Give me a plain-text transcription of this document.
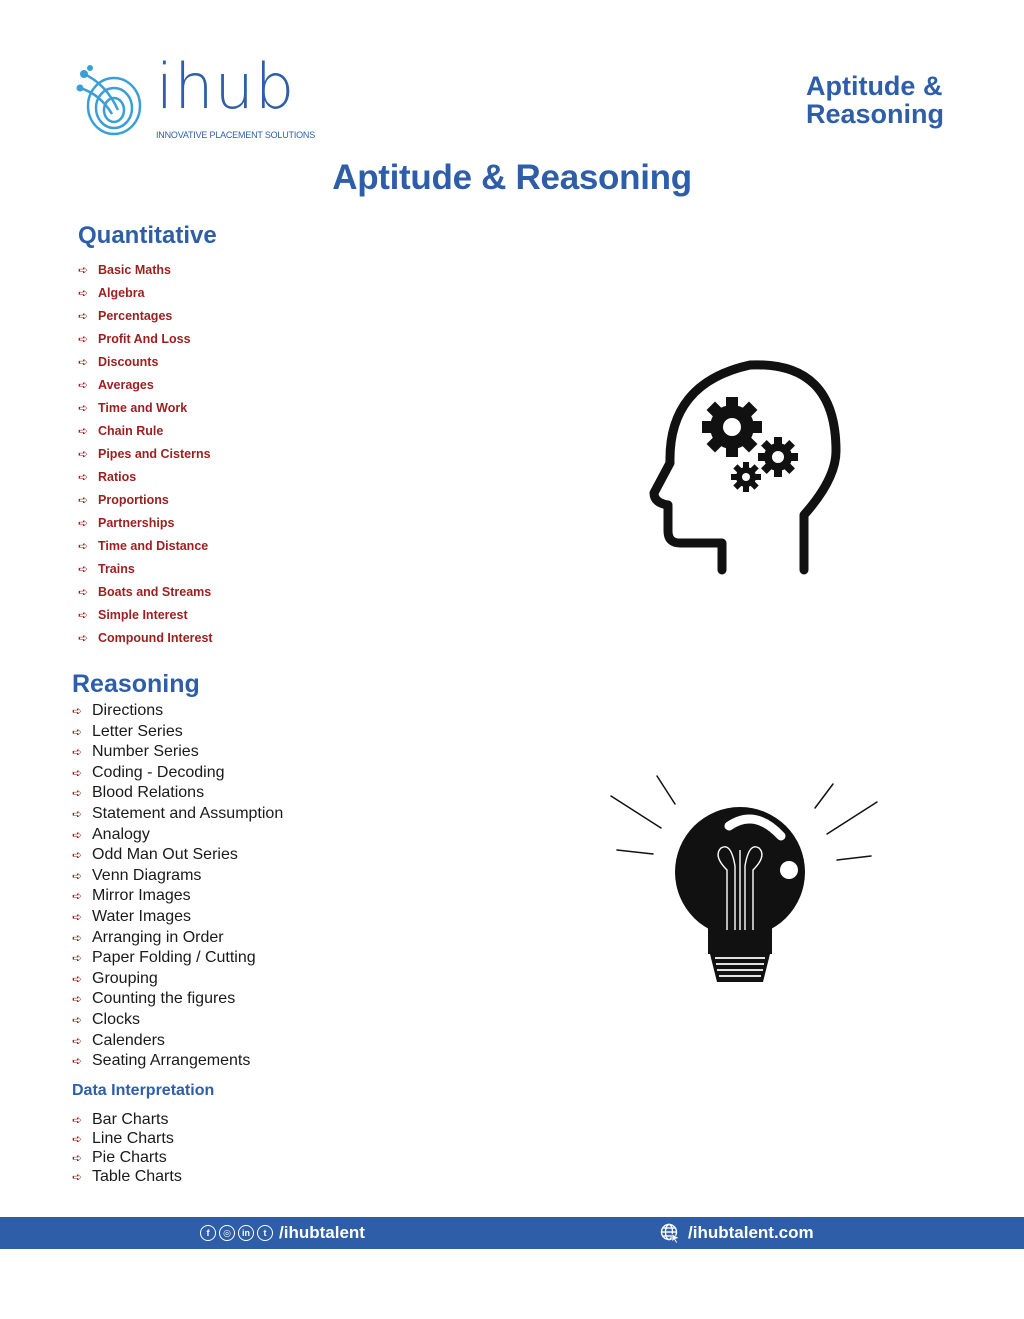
ihub
INNOVATIVE PLACEMENT SOLUTIONS
Aptitude &
Reasoning
Aptitude & Reasoning
Quantitative
➪ Basic Maths
➪ Algebra
➪ Percentages
➪ Profit And Loss
➪ Discounts
➪ Averages
➪ Time and Work
➪ Chain Rule
➪ Pipes and Cisterns
➪ Ratios
➪ Proportions
➪ Partnerships
➪ Time and Distance
➪ Trains
➪ Boats and Streams
➪ Simple Interest
➪ Compound Interest
Reasoning
➪ Directions
➪ Letter Series
➪ Number Series
➪ Coding - Decoding
➪ Blood Relations
➪ Statement and Assumption
➪ Analogy
➪ Odd Man Out Series
➪ Venn Diagrams
➪ Mirror Images
➪ Water Images
➪ Arranging in Order
➪ Paper Folding / Cutting
➪ Grouping
➪ Counting the figures
➪ Clocks
➪ Calenders
➪ Seating Arrangements
Data Interpretation
➪ Bar Charts
➪ Line Charts
➪ Pie Charts
➪ Table Charts
f	◎	in	t /ihubtalent	/ihubtalent.com
